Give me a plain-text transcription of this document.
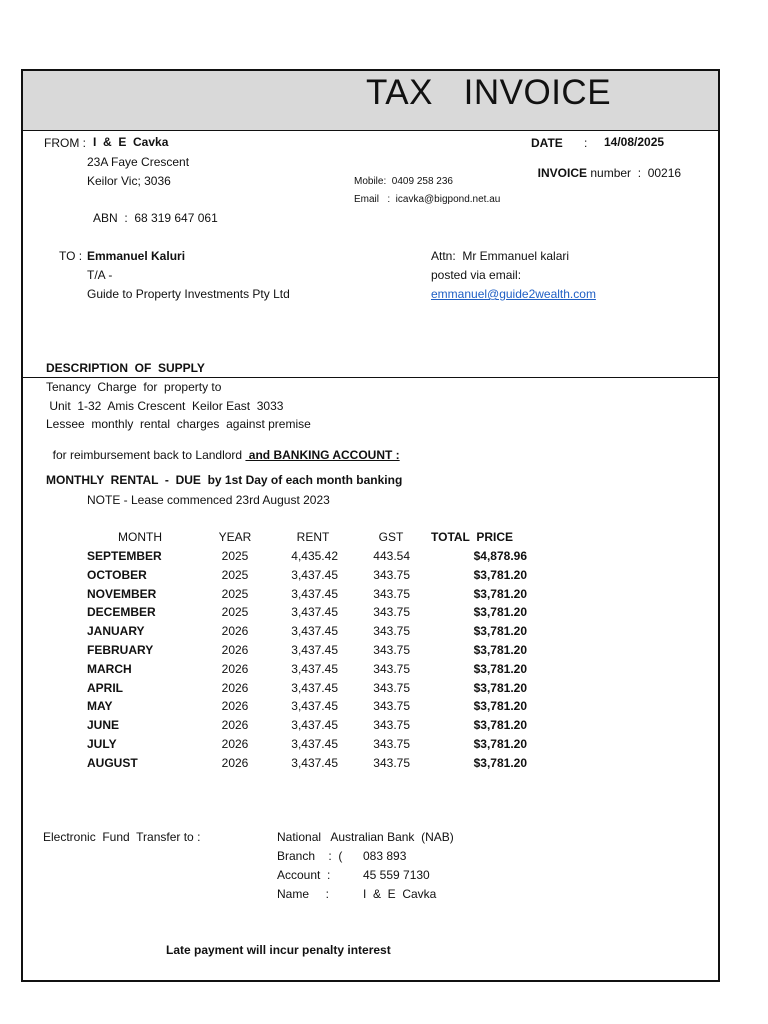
TAX   INVOICE
FROM : I  &  E  Cavka
23A Faye Crescent
Keilor Vic; 3036
ABN  :  68 319 647 061
Mobile:  0409 258 236
Email   :  icavka@bigpond.net.au
DATE : 14/08/2025

INVOICE number  :  00216

TO : Emmanuel Kaluri
T/A -
Guide to Property Investments Pty Ltd
Attn:  Mr Emmanuel kalari
posted via email:
emmanuel@guide2wealth.com
DESCRIPTION  OF  SUPPLY
Tenancy  Charge  for  property to
Unit  1-32  Amis Crescent  Keilor East  3033
Lessee  monthly  rental  charges  against premise

for reimbursement back to Landlord  and BANKING ACCOUNT :

MONTHLY  RENTAL  -  DUE  by 1st Day of each month banking
NOTE - Lease commenced 23rd August 2023
MONTH	YEAR	RENT	GST	TOTAL  PRICE
SEPTEMBER	2025	4,435.42	443.54	$4,878.96
OCTOBER	2025	3,437.45	343.75	$3,781.20
NOVEMBER	2025	3,437.45	343.75	$3,781.20
DECEMBER	2025	3,437.45	343.75	$3,781.20
JANUARY	2026	3,437.45	343.75	$3,781.20
FEBRUARY	2026	3,437.45	343.75	$3,781.20
MARCH	2026	3,437.45	343.75	$3,781.20
APRIL	2026	3,437.45	343.75	$3,781.20
MAY	2026	3,437.45	343.75	$3,781.20
JUNE	2026	3,437.45	343.75	$3,781.20
JULY	2026	3,437.45	343.75	$3,781.20
AUGUST	2026	3,437.45	343.75	$3,781.20
Electronic  Fund  Transfer to :	National   Australian Bank  (NAB)
Branch    :  ( 083 893
Account  :	45 559 7130
Name     :	I  &  E  Cavka
Late payment will incur penalty interest
